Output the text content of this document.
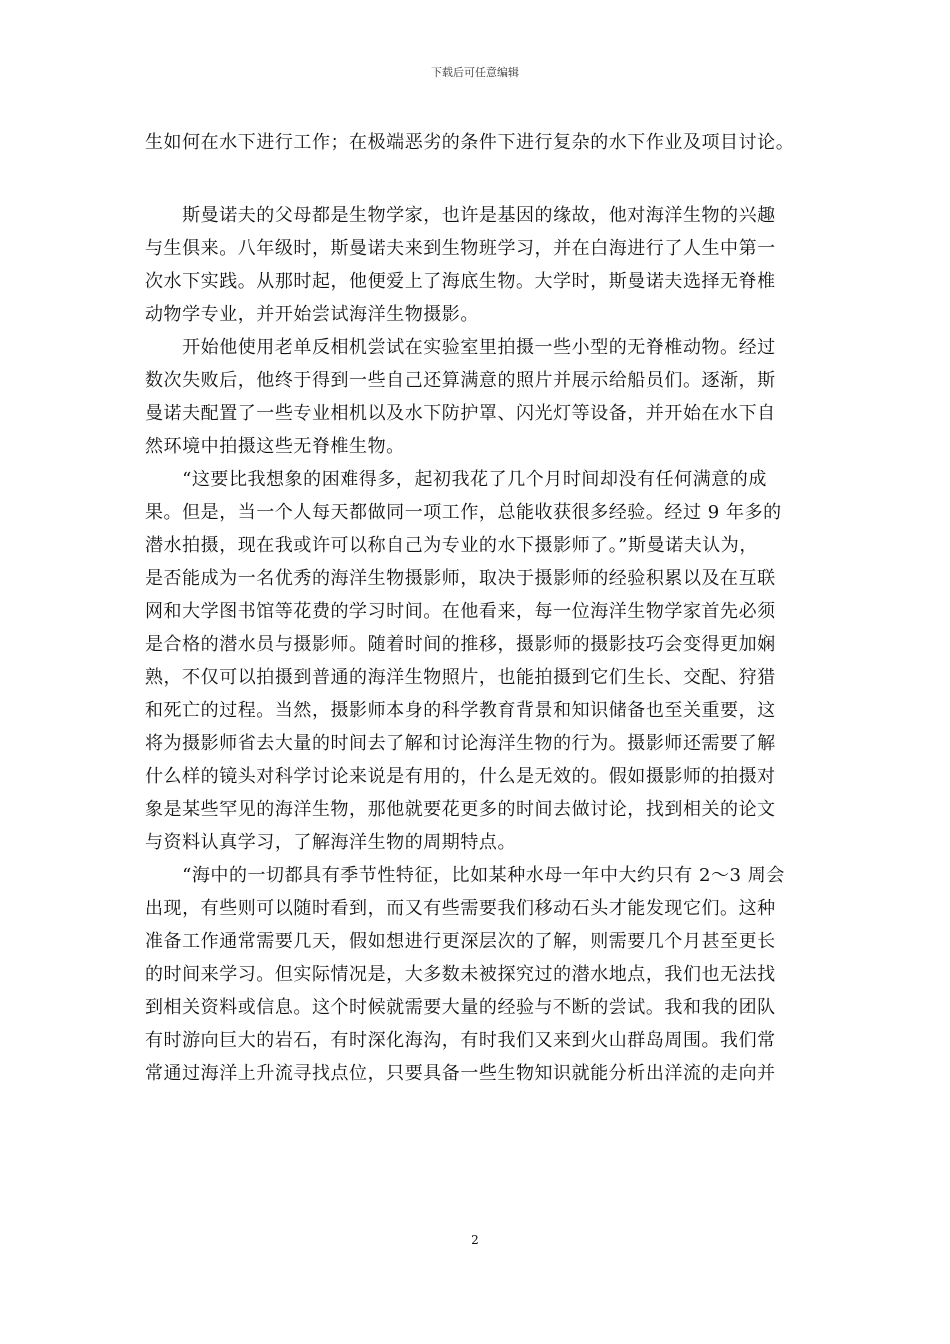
下载后可任意编辑
生如何在水下进行工作；在极端恶劣的条件下进行复杂的水下作业及项目讨论。
　　斯曼诺夫的父母都是生物学家，也许是基因的缘故，他对海洋生物的兴趣
与生俱来。八年级时，斯曼诺夫来到生物班学习，并在白海进行了人生中第一
次水下实践。从那时起，他便爱上了海底生物。大学时，斯曼诺夫选择无脊椎
动物学专业，并开始尝试海洋生物摄影。
　　开始他使用老单反相机尝试在实验室里拍摄一些小型的无脊椎动物。经过
数次失败后，他终于得到一些自己还算满意的照片并展示给船员们。逐渐，斯
曼诺夫配置了一些专业相机以及水下防护罩、闪光灯等设备，并开始在水下自
然环境中拍摄这些无脊椎生物。
　　“这要比我想象的困难得多，起初我花了几个月时间却没有任何满意的成
果。但是，当一个人每天都做同一项工作，总能收获很多经验。经过 9 年多的
潜水拍摄，现在我或许可以称自己为专业的水下摄影师了。”斯曼诺夫认为，
是否能成为一名优秀的海洋生物摄影师，取决于摄影师的经验积累以及在互联
网和大学图书馆等花费的学习时间。在他看来，每一位海洋生物学家首先必须
是合格的潜水员与摄影师。随着时间的推移，摄影师的摄影技巧会变得更加娴
熟，不仅可以拍摄到普通的海洋生物照片，也能拍摄到它们生长、交配、狩猎
和死亡的过程。当然，摄影师本身的科学教育背景和知识储备也至关重要，这
将为摄影师省去大量的时间去了解和讨论海洋生物的行为。摄影师还需要了解
什么样的镜头对科学讨论来说是有用的，什么是无效的。假如摄影师的拍摄对
象是某些罕见的海洋生物，那他就要花更多的时间去做讨论，找到相关的论文
与资料认真学习，了解海洋生物的周期特点。
　　“海中的一切都具有季节性特征，比如某种水母一年中大约只有 2～3 周会
出现，有些则可以随时看到，而又有些需要我们移动石头才能发现它们。这种
准备工作通常需要几天，假如想进行更深层次的了解，则需要几个月甚至更长
的时间来学习。但实际情况是，大多数未被探究过的潜水地点，我们也无法找
到相关资料或信息。这个时候就需要大量的经验与不断的尝试。我和我的团队
有时游向巨大的岩石，有时深化海沟，有时我们又来到火山群岛周围。我们常
常通过海洋上升流寻找点位，只要具备一些生物知识就能分析出洋流的走向并
2
